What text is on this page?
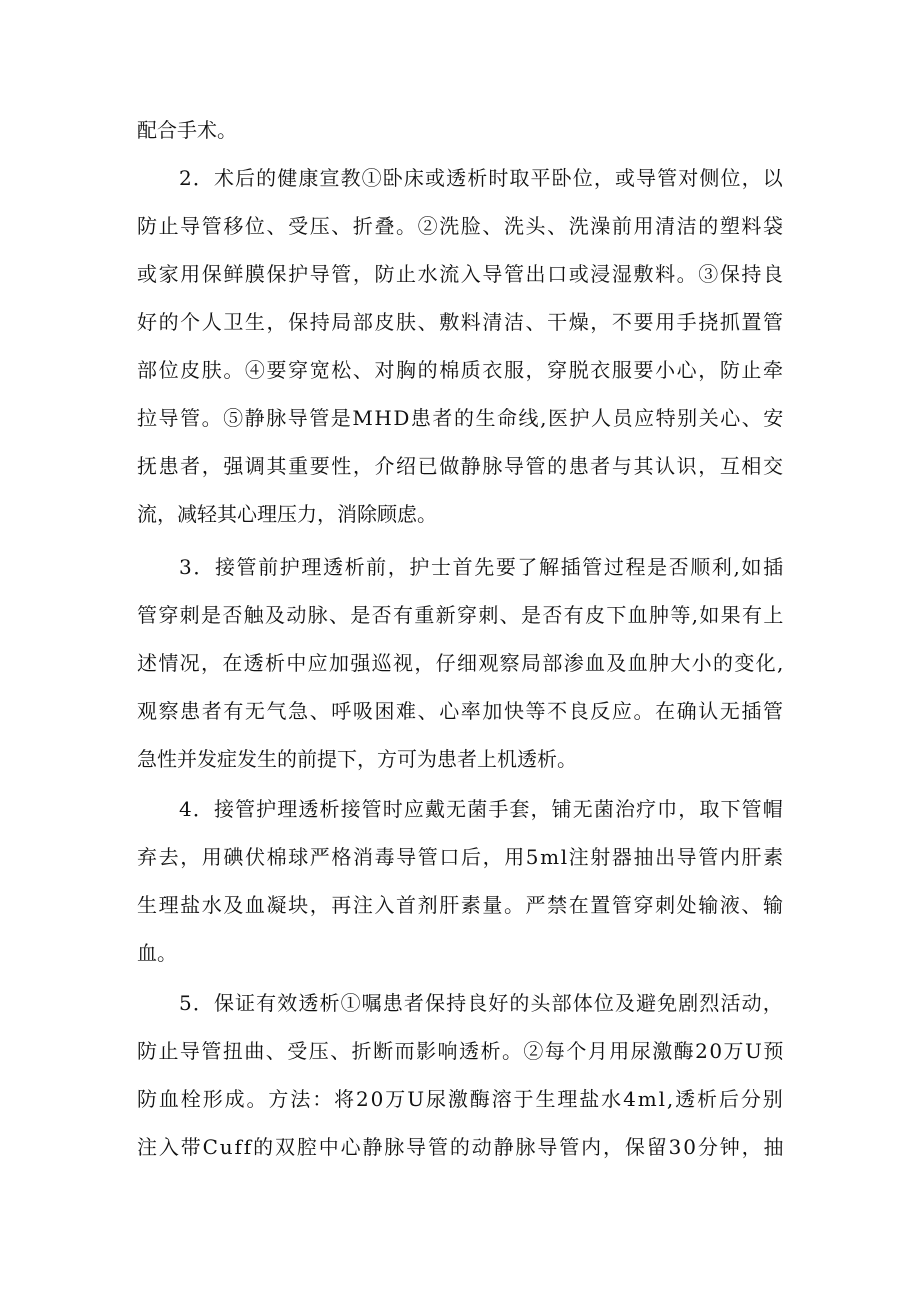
配合手术。
2．术后的健康宣教①卧床或透析时取平卧位，或导管对侧位，以
防止导管移位、受压、折叠。②洗脸、洗头、洗澡前用清洁的塑料袋
或家用保鲜膜保护导管，防止水流入导管出口或浸湿敷料。③保持良
好的个人卫生，保持局部皮肤、敷料清洁、干燥，不要用手挠抓置管
部位皮肤。④要穿宽松、对胸的棉质衣服，穿脱衣服要小心，防止牵
拉导管。⑤静脉导管是MHD患者的生命线,医护人员应特别关心、安
抚患者，强调其重要性，介绍已做静脉导管的患者与其认识，互相交
流，减轻其心理压力，消除顾虑。
3．接管前护理透析前，护士首先要了解插管过程是否顺利,如插
管穿刺是否触及动脉、是否有重新穿刺、是否有皮下血肿等,如果有上
述情况，在透析中应加强巡视，仔细观察局部渗血及血肿大小的变化,
观察患者有无气急、呼吸困难、心率加快等不良反应。在确认无插管
急性并发症发生的前提下，方可为患者上机透析。
4．接管护理透析接管时应戴无菌手套，铺无菌治疗巾，取下管帽
弃去，用碘伏棉球严格消毒导管口后，用5ml注射器抽出导管内肝素
生理盐水及血凝块，再注入首剂肝素量。严禁在置管穿刺处输液、输
血。
5．保证有效透析①嘱患者保持良好的头部体位及避免剧烈活动，
防止导管扭曲、受压、折断而影响透析。②每个月用尿激酶20万U预
防血栓形成。方法：将20万U尿激酶溶于生理盐水4ml,透析后分别
注入带Cuff的双腔中心静脉导管的动静脉导管内，保留30分钟，抽
